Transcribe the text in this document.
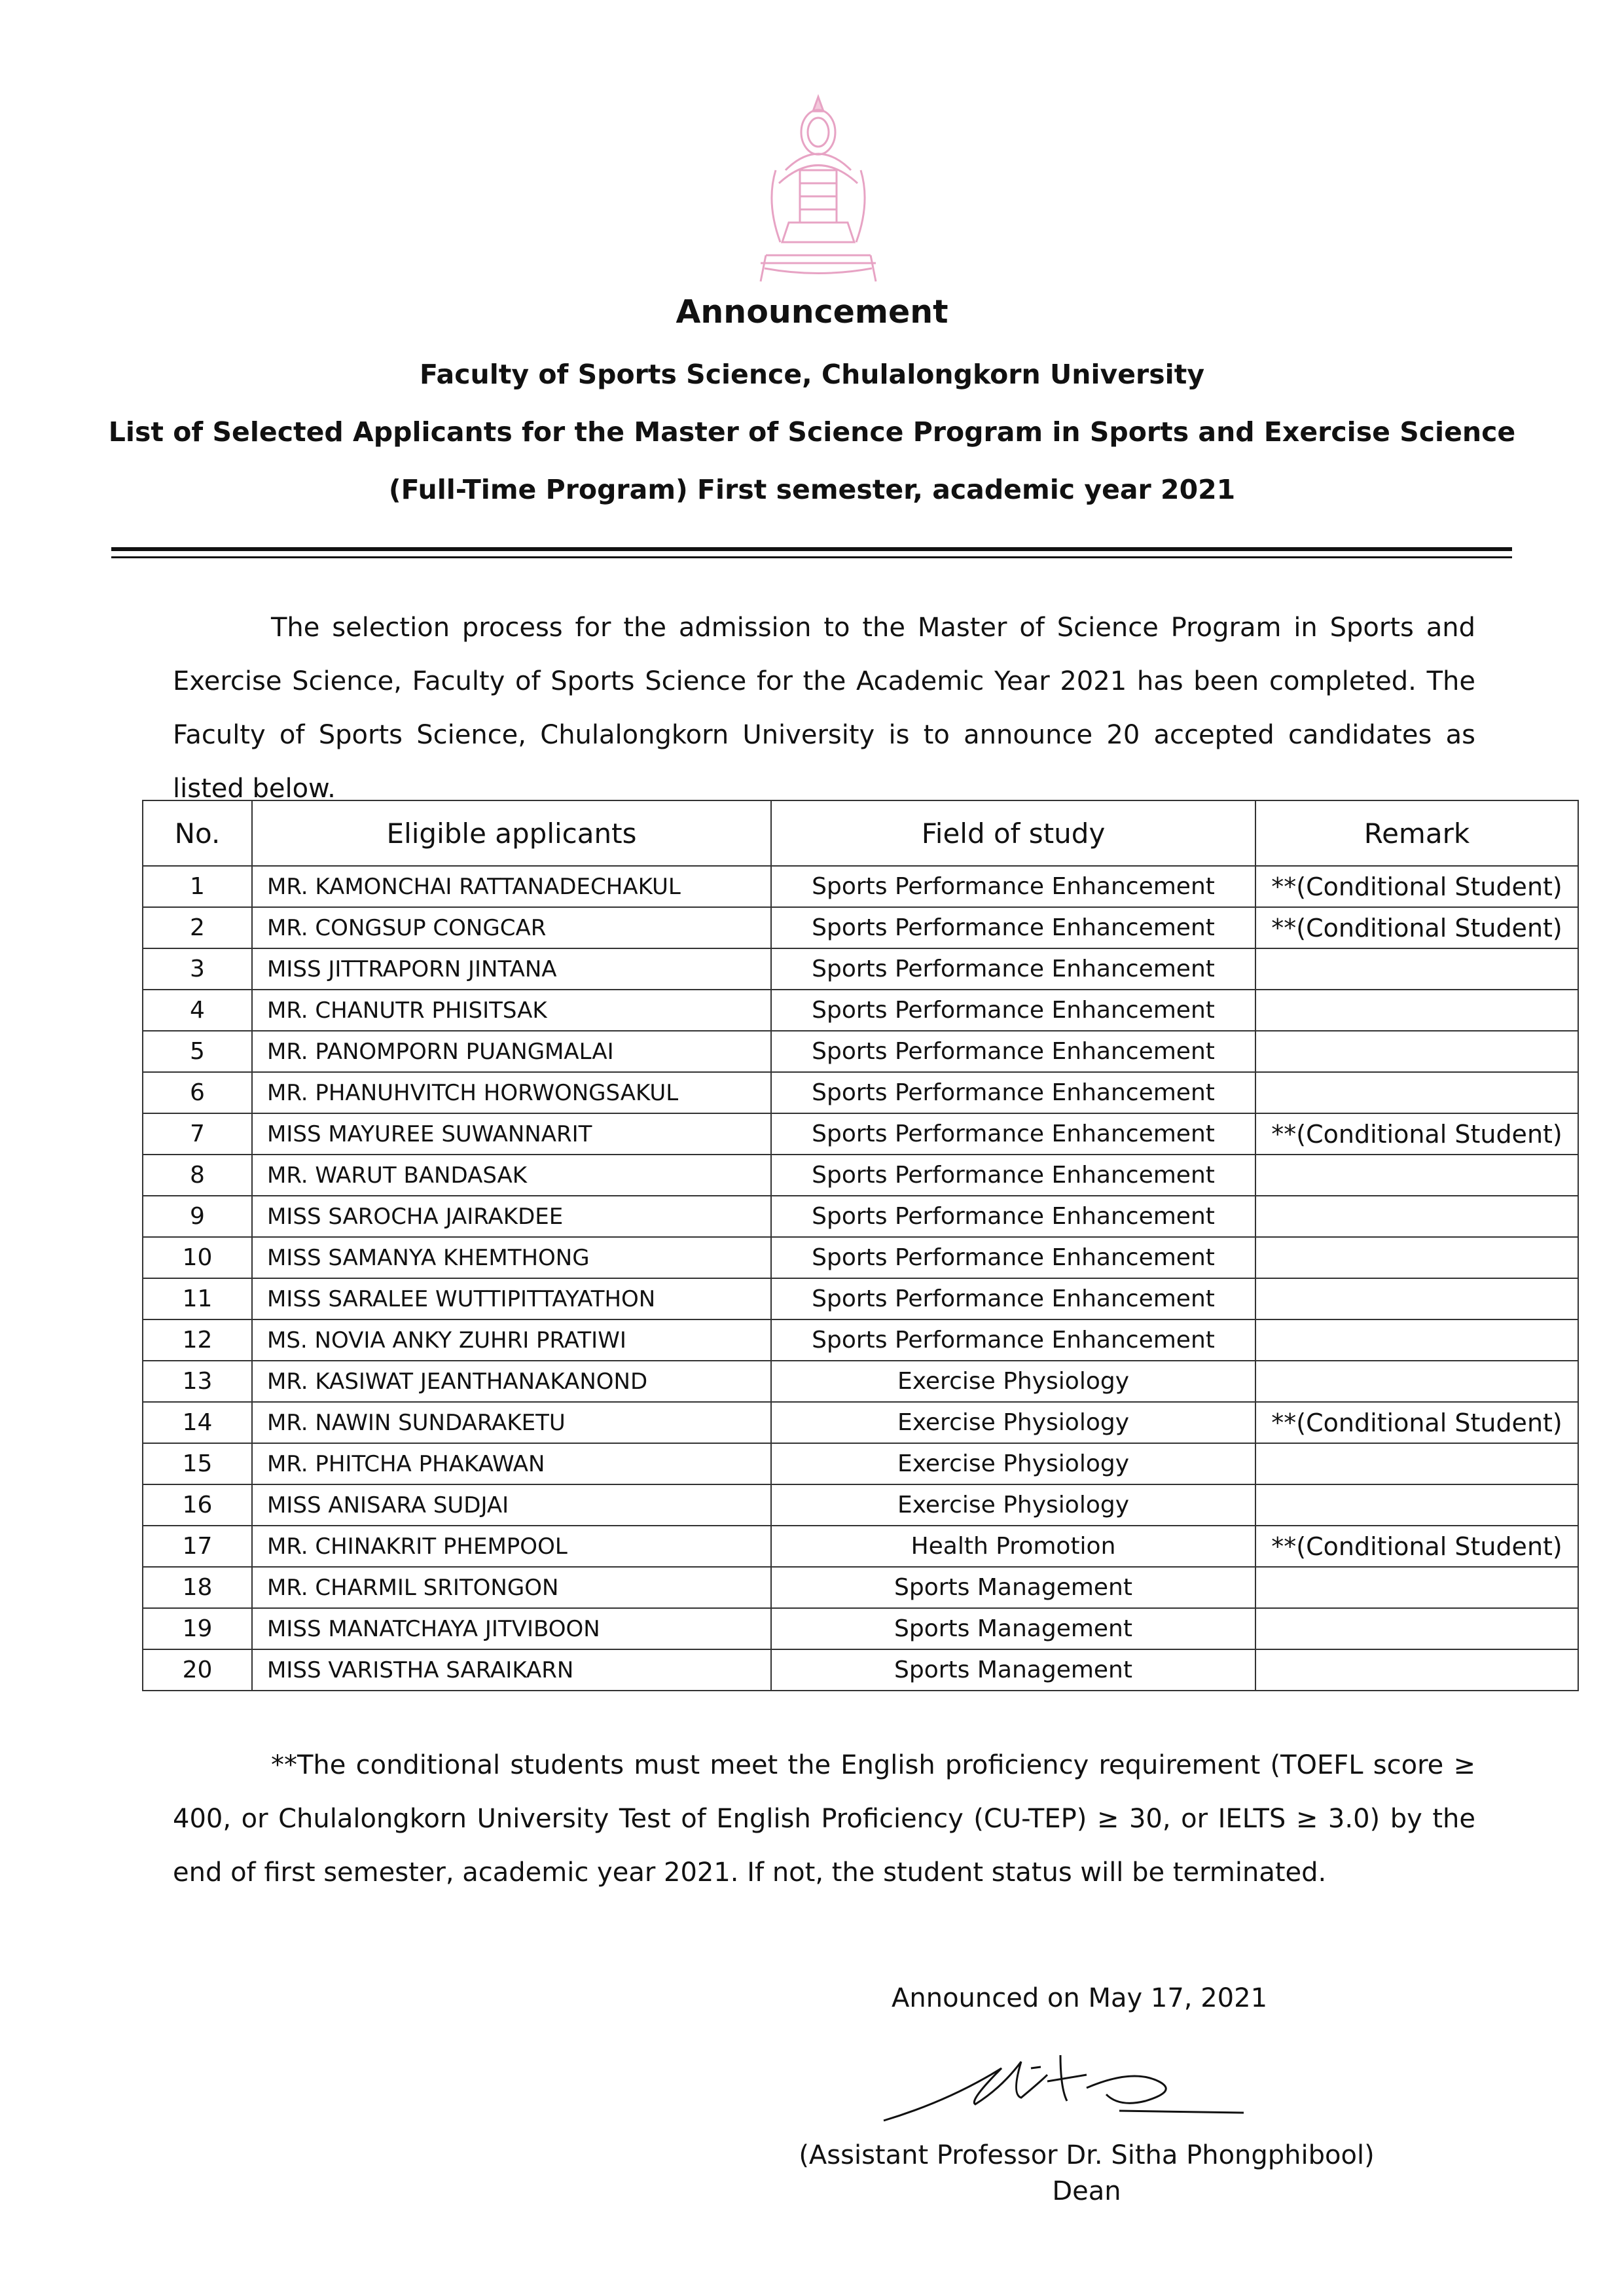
Announcement
Faculty of Sports Science, Chulalongkorn University
List of Selected Applicants for the Master of Science Program in Sports and Exercise Science
(Full-Time Program) First semester, academic year 2021
The selection process for the admission to the Master of Science Program in Sports and Exercise Science, Faculty of Sports Science for the Academic Year 2021 has been completed. The Faculty of Sports Science, Chulalongkorn University is to announce 20 accepted candidates as listed below.
No.	Eligible applicants	Field of study	Remark
1	MR. KAMONCHAI RATTANADECHAKUL	Sports Performance Enhancement	**(Conditional Student)
2	MR. CONGSUP CONGCAR	Sports Performance Enhancement	**(Conditional Student)
3	MISS JITTRAPORN JINTANA	Sports Performance Enhancement	
4	MR. CHANUTR PHISITSAK	Sports Performance Enhancement	
5	MR. PANOMPORN PUANGMALAI	Sports Performance Enhancement	
6	MR. PHANUHVITCH HORWONGSAKUL	Sports Performance Enhancement	
7	MISS MAYUREE SUWANNARIT	Sports Performance Enhancement	**(Conditional Student)
8	MR. WARUT BANDASAK	Sports Performance Enhancement	
9	MISS SAROCHA JAIRAKDEE	Sports Performance Enhancement	
10	MISS SAMANYA KHEMTHONG	Sports Performance Enhancement	
11	MISS SARALEE WUTTIPITTAYATHON	Sports Performance Enhancement	
12	MS. NOVIA ANKY ZUHRI PRATIWI	Sports Performance Enhancement	
13	MR. KASIWAT JEANTHANAKANOND	Exercise Physiology	
14	MR. NAWIN SUNDARAKETU	Exercise Physiology	**(Conditional Student)
15	MR. PHITCHA PHAKAWAN	Exercise Physiology	
16	MISS ANISARA SUDJAI	Exercise Physiology	
17	MR. CHINAKRIT PHEMPOOL	Health Promotion	**(Conditional Student)
18	MR. CHARMIL SRITONGON	Sports Management	
19	MISS MANATCHAYA JITVIBOON	Sports Management	
20	MISS VARISTHA SARAIKARN	Sports Management	
**The conditional students must meet the English proficiency requirement (TOEFL score ≥ 400, or Chulalongkorn University Test of English Proficiency (CU-TEP) ≥ 30, or IELTS ≥ 3.0) by the end of first semester, academic year 2021. If not, the student status will be terminated.
Announced on May 17, 2021
(Assistant Professor Dr. Sitha Phongphibool)
Dean
